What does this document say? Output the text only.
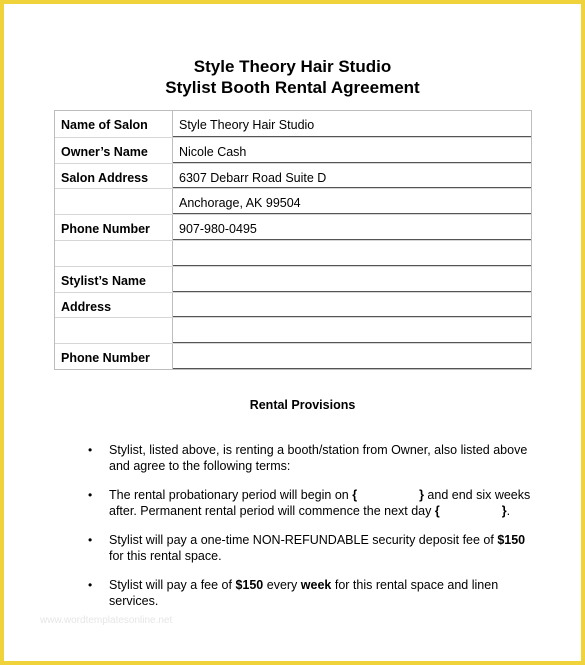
Style Theory Hair Studio
Stylist Booth Rental Agreement
Name of Salon	Style Theory Hair Studio
Owner’s Name	Nicole Cash
Salon Address	6307 Debarr Road Suite D
Anchorage, AK 99504
Phone Number	907-980-0495
Stylist’s Name
Address
Phone Number
Rental Provisions
• Stylist, listed above, is renting a booth/station from Owner, also listed above and agree to the following terms:
• The rental probationary period will begin on {	} and end six weeks after. Permanent rental period will commence the next day {	}.
• Stylist will pay a one-time NON-REFUNDABLE security deposit fee of $150 for this rental space.
• Stylist will pay a fee of $150 every week for this rental space and linen services.
www.wordtemplatesonline.net
